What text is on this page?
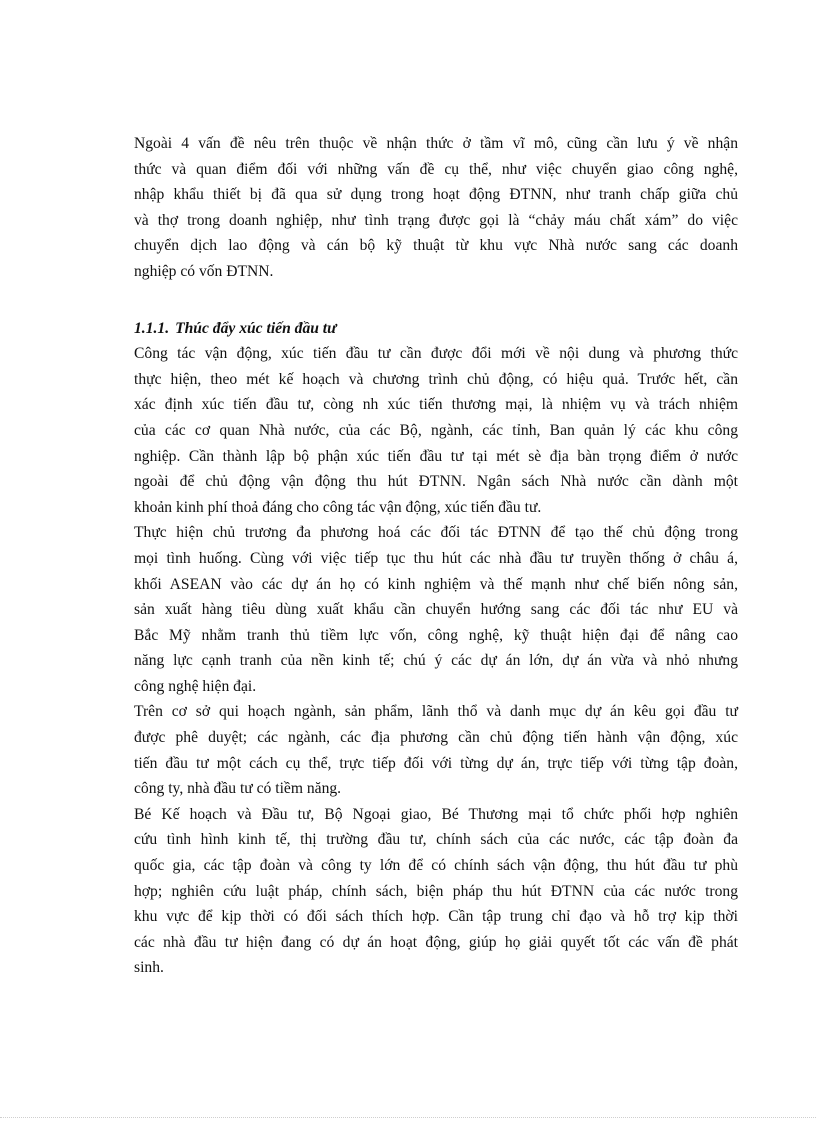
Ngoài 4 vấn đề nêu trên thuộc về nhận thức ở tầm vĩ mô, cũng cần lưu ý về nhận
thức và quan điểm đối với những vấn đề cụ thể, như việc chuyển giao công nghệ,
nhập khẩu thiết bị đã qua sử dụng trong hoạt động ĐTNN, như tranh chấp giữa chủ
và thợ trong doanh nghiệp, như tình trạng được gọi là “chảy máu chất xám” do việc
chuyển dịch lao động và cán bộ kỹ thuật từ khu vực Nhà nước sang các doanh
nghiệp có vốn ĐTNN.
1.1.1. Thúc đẩy xúc tiến đầu tư
Công tác vận động, xúc tiến đầu tư cần được đổi mới về nội dung và phương thức
thực hiện, theo mét kế hoạch và chương trình chủ động, có hiệu quả. Trước hết, cần
xác định xúc tiến đầu tư, còng nh xúc tiến thương mại, là nhiệm vụ và trách nhiệm
của các cơ quan Nhà nước, của các Bộ, ngành, các tỉnh, Ban quản lý các khu công
nghiệp. Cần thành lập bộ phận xúc tiến đầu tư tại mét sè địa bàn trọng điểm ở nước
ngoài để chủ động vận động thu hút ĐTNN. Ngân sách Nhà nước cần dành một
khoản kinh phí thoả đáng cho công tác vận động, xúc tiến đầu tư.
Thực hiện chủ trương đa phương hoá các đối tác ĐTNN để tạo thế chủ động trong
mọi tình huống. Cùng với việc tiếp tục thu hút các nhà đầu tư truyền thống ở châu á,
khối ASEAN vào các dự án họ có kinh nghiệm và thế mạnh như chế biến nông sản,
sản xuất hàng tiêu dùng xuất khẩu cần chuyển hướng sang các đối tác như EU và
Bắc Mỹ nhằm tranh thủ tiềm lực vốn, công nghệ, kỹ thuật hiện đại để nâng cao
năng lực cạnh tranh của nền kinh tế; chú ý các dự án lớn, dự án vừa và nhỏ nhưng
công nghệ hiện đại.
Trên cơ sở qui hoạch ngành, sản phẩm, lãnh thổ và danh mục dự án kêu gọi đầu tư
được phê duyệt; các ngành, các địa phương cần chủ động tiến hành vận động, xúc
tiến đầu tư một cách cụ thể, trực tiếp đối với từng dự án, trực tiếp với từng tập đoàn,
công ty, nhà đầu tư có tiềm năng.
Bé Kế hoạch và Đầu tư, Bộ Ngoại giao, Bé Thương mại tổ chức phối hợp nghiên
cứu tình hình kinh tế, thị trường đầu tư, chính sách của các nước, các tập đoàn đa
quốc gia, các tập đoàn và công ty lớn để có chính sách vận động, thu hút đầu tư phù
hợp; nghiên cứu luật pháp, chính sách, biện pháp thu hút ĐTNN của các nước trong
khu vực để kịp thời có đối sách thích hợp. Cần tập trung chỉ đạo và hỗ trợ kịp thời
các nhà đầu tư hiện đang có dự án hoạt động, giúp họ giải quyết tốt các vấn đề phát
sinh.
